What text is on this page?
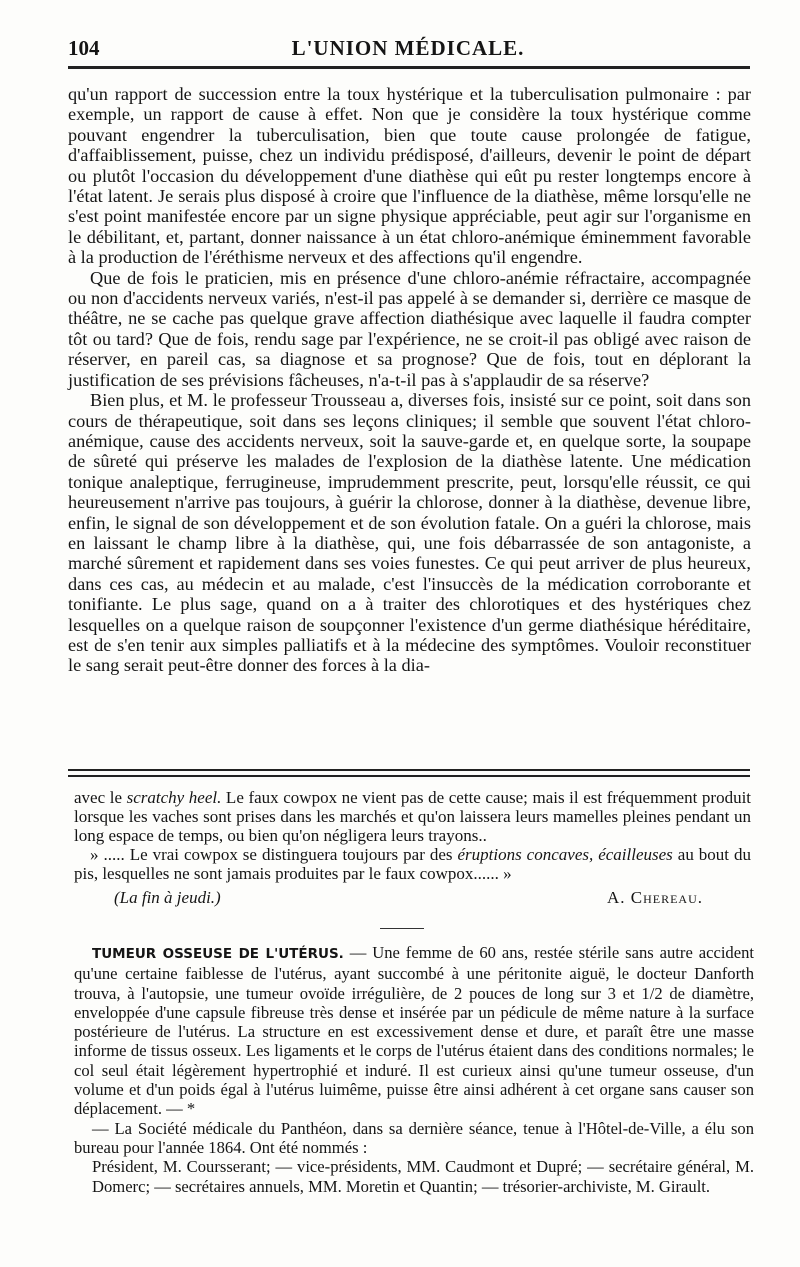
104	L'UNION MÉDICALE.

qu'un rapport de succession entre la toux hystérique et la tuberculisation pulmonaire : par exemple, un rapport de cause à effet. Non que je considère la toux hystérique comme pouvant engendrer la tuberculisation, bien que toute cause prolongée de fatigue, d'affaiblissement, puisse, chez un individu prédisposé, d'ailleurs, devenir le point de départ ou plutôt l'occasion du développement d'une diathèse qui eût pu rester longtemps encore à l'état latent. Je serais plus disposé à croire que l'influence de la diathèse, même lorsqu'elle ne s'est point manifestée encore par un signe physique appréciable, peut agir sur l'organisme en le débilitant, et, partant, donner naissance à un état chloro-anémique éminemment favorable à la production de l'éréthisme nerveux et des affections qu'il engendre.

Que de fois le praticien, mis en présence d'une chloro-anémie réfractaire, accompagnée ou non d'accidents nerveux variés, n'est-il pas appelé à se demander si, derrière ce masque de théâtre, ne se cache pas quelque grave affection diathésique avec laquelle il faudra compter tôt ou tard? Que de fois, rendu sage par l'expérience, ne se croit-il pas obligé avec raison de réserver, en pareil cas, sa diagnose et sa prognose? Que de fois, tout en déplorant la justification de ses prévisions fâcheuses, n'a-t-il pas à s'applaudir de sa réserve?

Bien plus, et M. le professeur Trousseau a, diverses fois, insisté sur ce point, soit dans son cours de thérapeutique, soit dans ses leçons cliniques; il semble que souvent l'état chloro-anémique, cause des accidents nerveux, soit la sauve-garde et, en quelque sorte, la soupape de sûreté qui préserve les malades de l'explosion de la diathèse latente. Une médication tonique analeptique, ferrugineuse, imprudemment prescrite, peut, lorsqu'elle réussit, ce qui heureusement n'arrive pas toujours, à guérir la chlorose, donner à la diathèse, devenue libre, enfin, le signal de son développement et de son évolution fatale. On a guéri la chlorose, mais en laissant le champ libre à la diathèse, qui, une fois débarrassée de son antagoniste, a marché sûrement et rapidement dans ses voies funestes. Ce qui peut arriver de plus heureux, dans ces cas, au médecin et au malade, c'est l'insuccès de la médication corroborante et tonifiante. Le plus sage, quand on a à traiter des chlorotiques et des hystériques chez lesquelles on a quelque raison de soupçonner l'existence d'un germe diathésique héréditaire, est de s'en tenir aux simples palliatifs et à la médecine des symptômes. Vouloir reconstituer le sang serait peut-être donner des forces à la dia-

avec le scratchy heel. Le faux cowpox ne vient pas de cette cause; mais il est fréquemment produit lorsque les vaches sont prises dans les marchés et qu'on laissera leurs mamelles pleines pendant un long espace de temps, ou bien qu'on négligera leurs trayons..

» ..... Le vrai cowpox se distinguera toujours par des éruptions concaves, écailleuses au bout du pis, lesquelles ne sont jamais produites par le faux cowpox...... »

(La fin à jeudi.)	A. Chereau.

TUMEUR OSSEUSE DE L'UTÉRUS. — Une femme de 60 ans, restée stérile sans autre accident qu'une certaine faiblesse de l'utérus, ayant succombé à une péritonite aiguë, le docteur Danforth trouva, à l'autopsie, une tumeur ovoïde irrégulière, de 2 pouces de long sur 3 et 1/2 de diamètre, enveloppée d'une capsule fibreuse très dense et insérée par un pédicule de même nature à la surface postérieure de l'utérus. La structure en est excessivement dense et dure, et paraît être une masse informe de tissus osseux. Les ligaments et le corps de l'utérus étaient dans des conditions normales; le col seul était légèrement hypertrophié et induré. Il est curieux ainsi qu'une tumeur osseuse, d'un volume et d'un poids égal à l'utérus luimême, puisse être ainsi adhérent à cet organe sans causer son déplacement. — *

— La Société médicale du Panthéon, dans sa dernière séance, tenue à l'Hôtel-de-Ville, a élu son bureau pour l'année 1864. Ont été nommés :

Président, M. Coursserant; — vice-présidents, MM. Caudmont et Dupré; — secrétaire général, M. Domerc; — secrétaires annuels, MM. Moretin et Quantin; — trésorier-archiviste, M. Girault.
